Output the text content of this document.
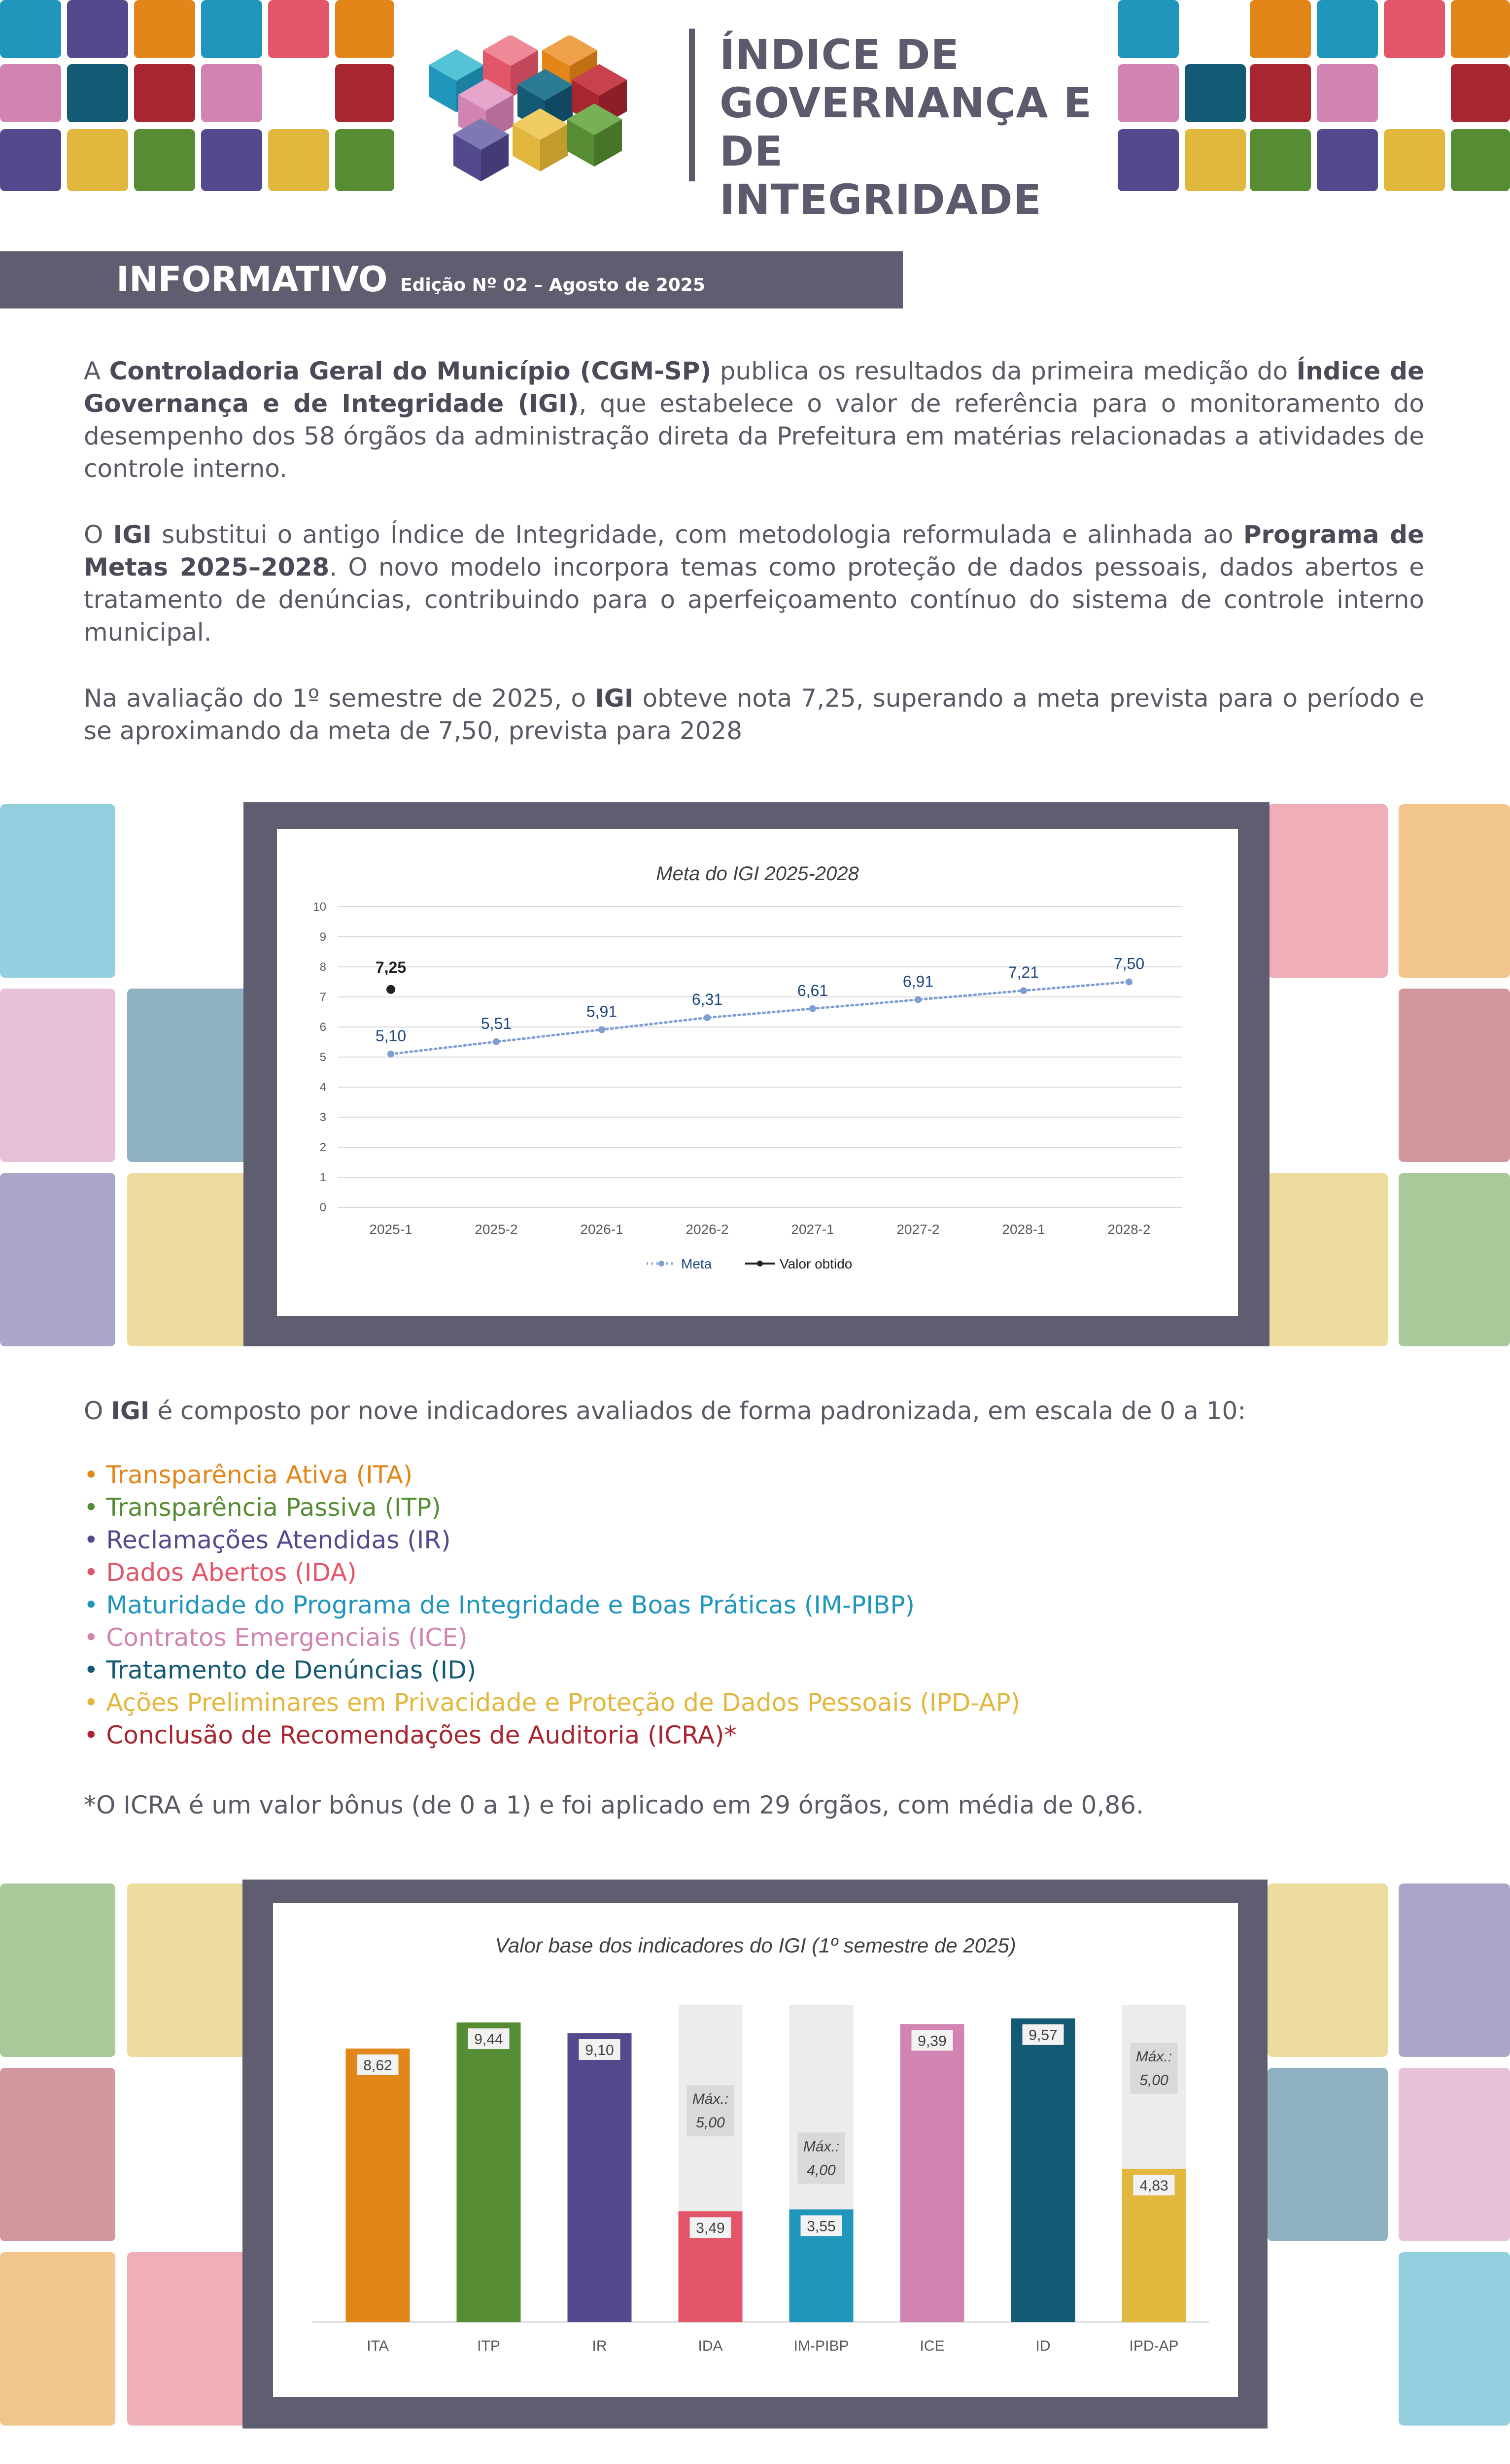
ÍNDICE DE
GOVERNANÇA E
DE INTEGRIDADE
INFORMATIVO Edição Nº 02 – Agosto de 2025
A Controladoria Geral do Município (CGM-SP) publica os resultados da primeira medição do Índice de Governança e de Integridade (IGI), que estabelece o valor de referência para o monitoramento do desempenho dos 58 órgãos da administração direta da Prefeitura em matérias relacionadas a atividades de controle interno.
O IGI substitui o antigo Índice de Integridade, com metodologia reformulada e alinhada ao Programa de Metas 2025–2028. O novo modelo incorpora temas como proteção de dados pessoais, dados abertos e tratamento de denúncias, contribuindo para o aperfeiçoamento contínuo do sistema de controle interno municipal.
Na avaliação do 1º semestre de 2025, o IGI obteve nota 7,25, superando a meta prevista para o período e se aproximando da meta de 7,50, prevista para 2028
Meta do IGI 2025-2028
0
1
2
3
4
5
6
7
8
9
10
2025-1	2025-2	2026-1	2026-2	2027-1	2027-2	2028-1	2028-2
5,10
5,51
5,91
6,31
6,61
6,91
7,21	7,50
7,25
Meta	Valor obtido
O IGI é composto por nove indicadores avaliados de forma padronizada, em escala de 0 a 10:
• Transparência Ativa (ITA)
• Transparência Passiva (ITP)
• Reclamações Atendidas (IR)
• Dados Abertos (IDA)
• Maturidade do Programa de Integridade e Boas Práticas (IM-PIBP)
• Contratos Emergenciais (ICE)
• Tratamento de Denúncias (ID)
• Ações Preliminares em Privacidade e Proteção de Dados Pessoais (IPD-AP)
• Conclusão de Recomendações de Auditoria (ICRA)*
*O ICRA é um valor bônus (de 0 a 1) e foi aplicado em 29 órgãos, com média de 0,86.
Valor base dos indicadores do IGI (1º semestre de 2025)
8,62
ITA
9,44
ITP
9,10
IR
Máx.:
5,00
3,49
IDA
Máx.:
4,00
3,55
IM-PIBP
9,39
ICE
9,57
ID
Máx.:
5,00
4,83
IPD-AP
